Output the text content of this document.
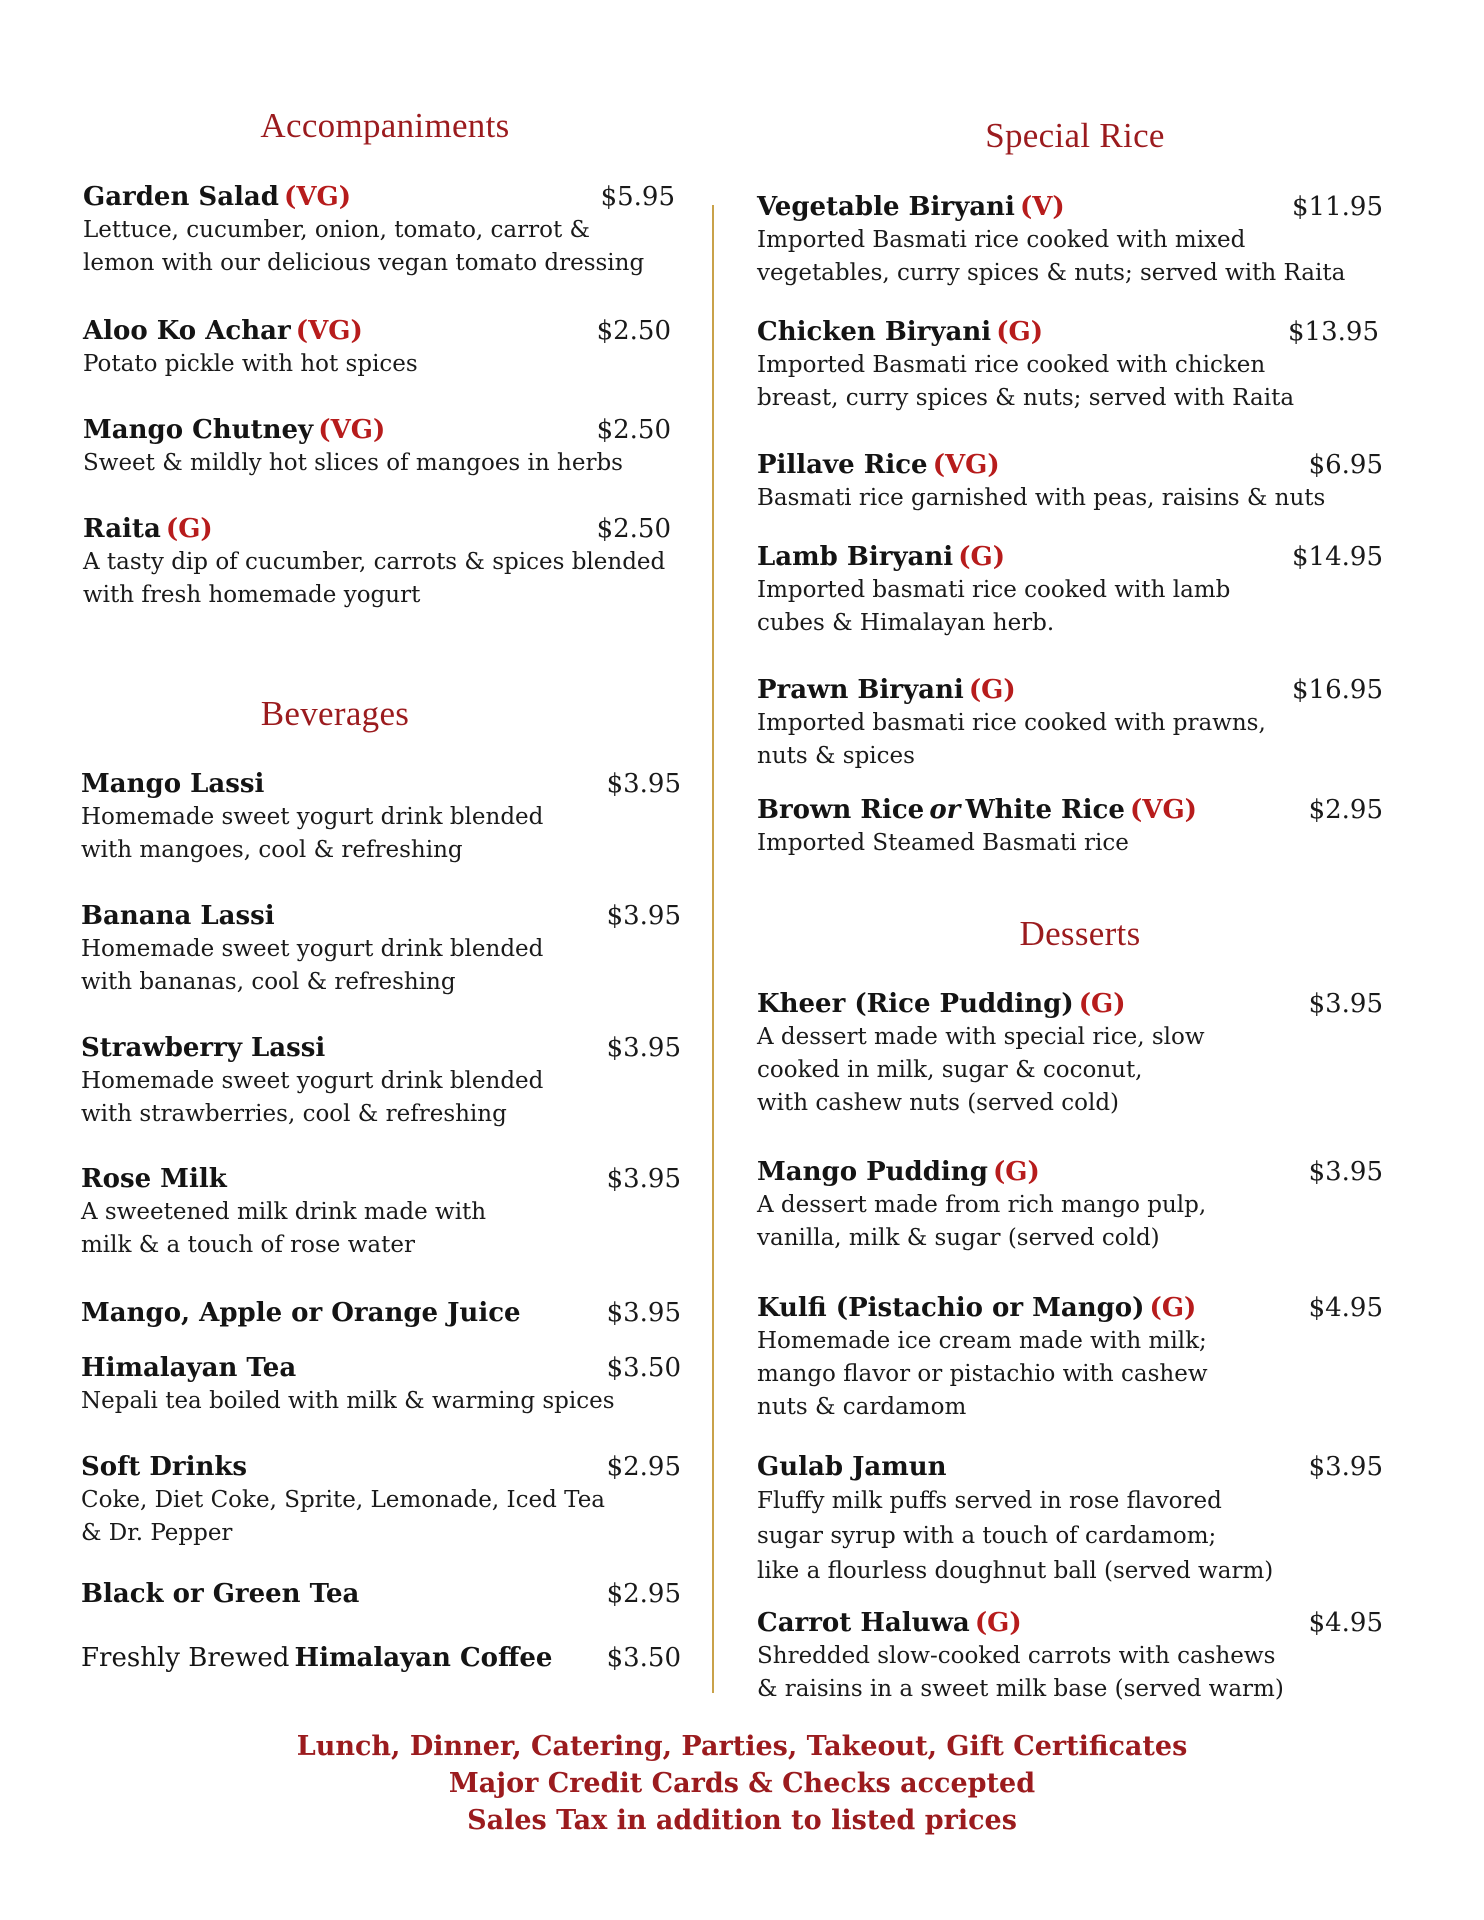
Accompaniments
Garden Salad (VG)	$5.95
Lettuce, cucumber, onion, tomato, carrot &
lemon with our delicious vegan tomato dressing
Aloo Ko Achar (VG)	$2.50
Potato pickle with hot spices
Mango Chutney (VG)	$2.50
Sweet & mildly hot slices of mangoes in herbs
Raita (G)	$2.50
A tasty dip of cucumber, carrots & spices blended
with fresh homemade yogurt
Beverages
Mango Lassi	$3.95
Homemade sweet yogurt drink blended
with mangoes, cool & refreshing
Banana Lassi	$3.95
Homemade sweet yogurt drink blended
with bananas, cool & refreshing
Strawberry Lassi	$3.95
Homemade sweet yogurt drink blended
with strawberries, cool & refreshing
Rose Milk	$3.95
A sweetened milk drink made with
milk & a touch of rose water
Mango, Apple or Orange Juice	$3.95
Himalayan Tea	$3.50
Nepali tea boiled with milk & warming spices
Soft Drinks	$2.95
Coke, Diet Coke, Sprite, Lemonade, Iced Tea
& Dr. Pepper
Black or Green Tea	$2.95
Freshly Brewed Himalayan Coffee	$3.50
Special Rice
Vegetable Biryani (V)	$11.95
Imported Basmati rice cooked with mixed
vegetables, curry spices & nuts; served with Raita
Chicken Biryani (G)	$13.95
Imported Basmati rice cooked with chicken
breast, curry spices & nuts; served with Raita
Pillave Rice (VG)	$6.95
Basmati rice garnished with peas, raisins & nuts
Lamb Biryani (G)	$14.95
Imported basmati rice cooked with lamb
cubes & Himalayan herb.
Prawn Biryani (G)	$16.95
Imported basmati rice cooked with prawns,
nuts & spices
Brown Rice or White Rice (VG)	$2.95
Imported Steamed Basmati rice
Desserts
Kheer (Rice Pudding) (G)	$3.95
A dessert made with special rice, slow
cooked in milk, sugar & coconut,
with cashew nuts (served cold)
Mango Pudding (G)	$3.95
A dessert made from rich mango pulp,
vanilla, milk & sugar (served cold)
Kulfi (Pistachio or Mango) (G)	$4.95
Homemade ice cream made with milk;
mango flavor or pistachio with cashew
nuts & cardamom
Gulab Jamun	$3.95
Fluffy milk puffs served in rose flavored
sugar syrup with a touch of cardamom;
like a flourless doughnut ball (served warm)
Carrot Haluwa (G)	$4.95
Shredded slow-cooked carrots with cashews
& raisins in a sweet milk base (served warm)
Lunch, Dinner, Catering, Parties, Takeout, Gift Certificates
Major Credit Cards & Checks accepted
Sales Tax in addition to listed prices
